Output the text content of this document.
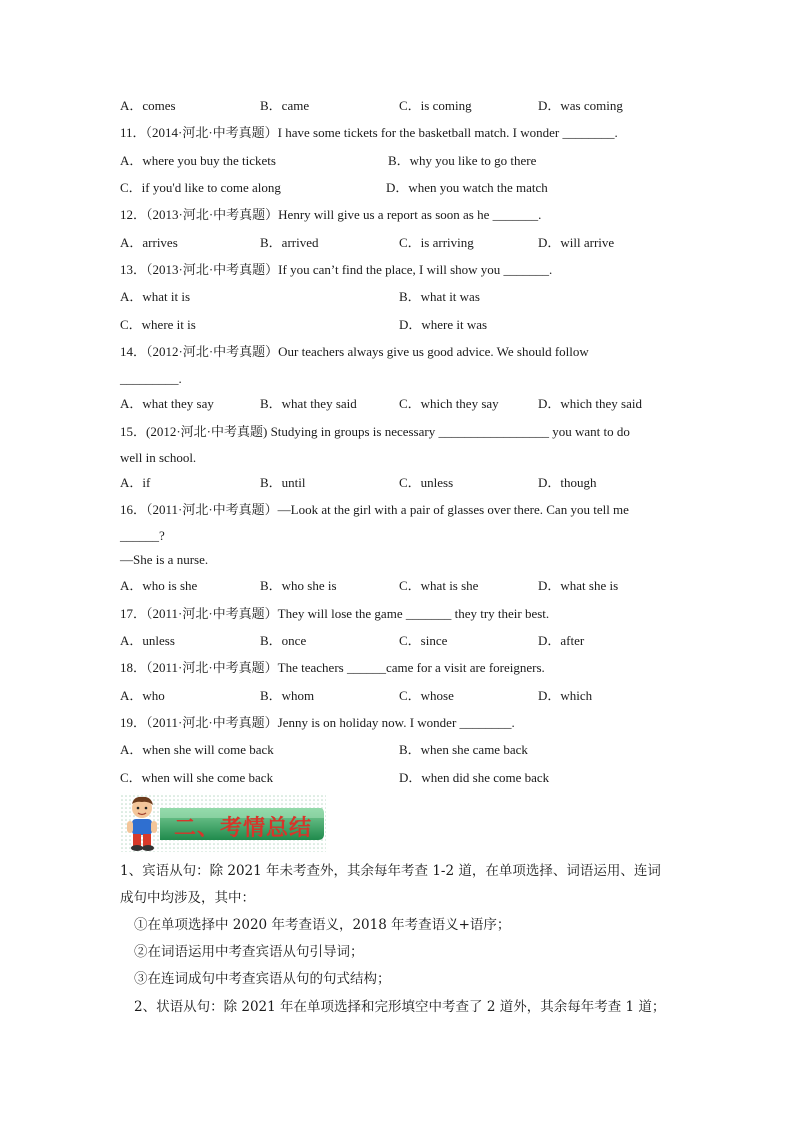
A．comes	B．came	C．is coming	D．was coming
11．（2014·河北·中考真题）I have some tickets for the basketball match. I wonder ________.
A．where you buy the tickets	B．why you like to go there
C．if you'd like to come along	D．when you watch the match
12．（2013·河北·中考真题）Henry will give us a report as soon as he _______.
A．arrives	B．arrived	C．is arriving	D．will arrive
13．（2013·河北·中考真题）If you can’t find the place, I will show you _______.
A．what it is	B．what it was
C．where it is	D．where it was
14．（2012·河北·中考真题）Our teachers always give us good advice. We should follow
_________.
A．what they say	B．what they said	C．which they say	D．which they said
15．(2012·河北·中考真题) Studying in groups is necessary _________________ you want to do
well in school.
A．if	B．until	C．unless	D．though
16．（2011·河北·中考真题）—Look at the girl with a pair of glasses over there. Can you tell me
______?
—She is a nurse.
A．who is she	B．who she is	C．what is she	D．what she is
17．（2011·河北·中考真题）They will lose the game _______ they try their best.
A．unless	B．once	C．since	D．after
18．（2011·河北·中考真题）The teachers ______came for a visit are foreigners.
A．who	B．whom	C．whose	D．which
19．（2011·河北·中考真题）Jenny is on holiday now. I wonder ________.
A．when she will come back	B．when she came back
C．when will she come back	D．when did she come back
二、考情总结
1、宾语从句：除 2021 年未考查外，其余每年考查 1-2 道，在单项选择、词语运用、连词
成句中均涉及，其中：
①在单项选择中 2020 年考查语义，2018 年考查语义+语序；
②在词语运用中考查宾语从句引导词；
③在连词成句中考查宾语从句的句式结构；
2、状语从句：除 2021 年在单项选择和完形填空中考查了 2 道外，其余每年考查 1 道；
